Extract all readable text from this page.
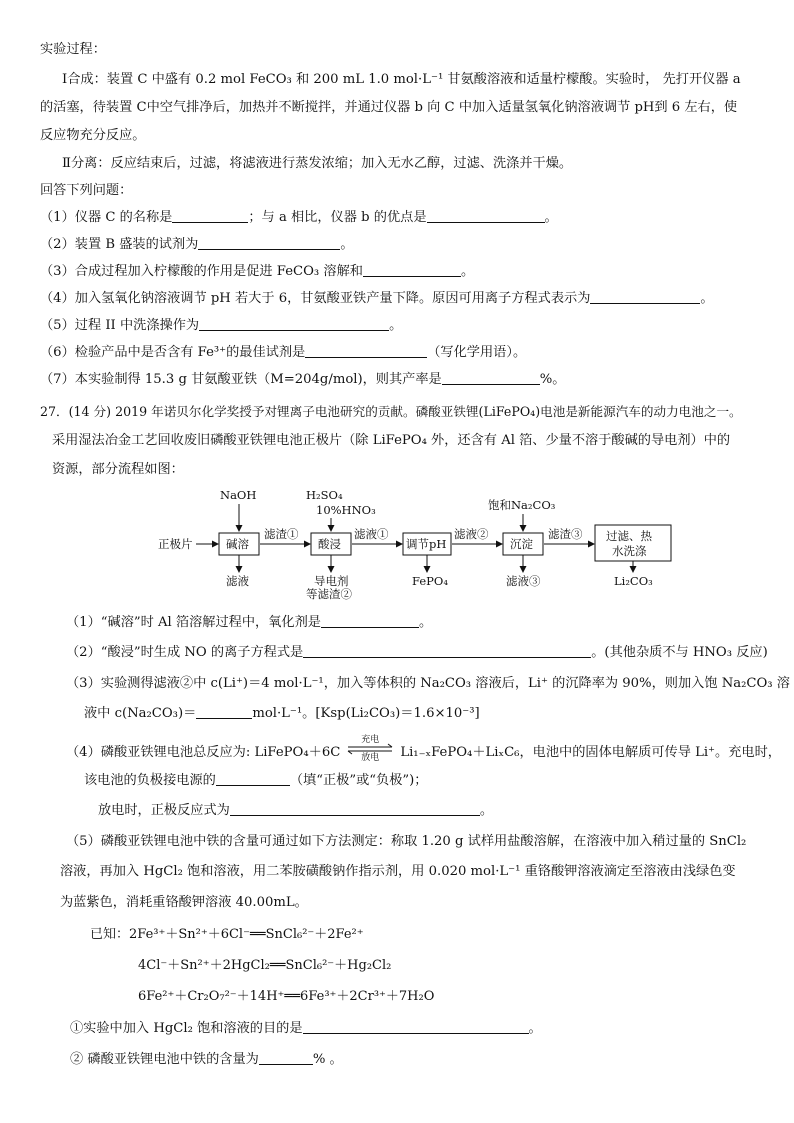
实验过程：
Ⅰ合成：装置 C 中盛有 0.2 mol FeCO₃ 和 200 mL 1.0 mol·L⁻¹ 甘氨酸溶液和适量柠檬酸。实验时， 先打开仪器 a
的活塞，待装置 C中空气排净后，加热并不断搅拌，并通过仪器 b 向 C 中加入适量氢氧化钠溶液调节 pH到 6 左右，使
反应物充分反应。
Ⅱ分离：反应结束后，过滤，将滤液进行蒸发浓缩；加入无水乙醇，过滤、洗涤并干燥。
回答下列问题：
（1）仪器 C 的名称是	；与 a 相比，仪器 b 的优点是	。
（2）装置 B 盛装的试剂为	。
（3）合成过程加入柠檬酸的作用是促进 FeCO₃ 溶解和	。
（4）加入氢氧化钠溶液调节 pH 若大于 6，甘氨酸亚铁产量下降。原因可用离子方程式表示为	。
（5）过程 II 中洗涤操作为	。
（6）检验产品中是否含有 Fe³⁺的最佳试剂是	（写化学用语）。
（7）本实验制得 15.3 g 甘氨酸亚铁（M=204g/mol)，则其产率是	%。
27．(14 分) 2019 年诺贝尔化学奖授予对锂离子电池研究的贡献。磷酸亚铁锂(LiFePO₄)电池是新能源汽车的动力电池之一。
采用湿法冶金工艺回收废旧磷酸亚铁锂电池正极片（除 LiFePO₄ 外，还含有 Al 箔、少量不溶于酸碱的导电剂）中的
资源，部分流程如图：
正极片	碱溶
NaOH
滤液
滤渣①
酸浸
H₂SO₄
10%HNO₃
导电剂
等滤渣②
滤液①
调节pH
FePO₄
滤液②
沉淀
饱和Na₂CO₃
滤液③
滤渣③ 过滤、热
水洗涤
Li₂CO₃
（1）“碱溶”时 Al 箔溶解过程中，氧化剂是	。
（2）“酸浸”时生成 NO 的离子方程式是	。(其他杂质不与 HNO₃ 反应)
（3）实验测得滤液②中 c(Li⁺)＝4 mol·L⁻¹，加入等体积的 Na₂CO₃ 溶液后，Li⁺ 的沉降率为 90%，则加入饱 Na₂CO₃ 溶
液中 c(Na₂CO₃)＝	mol·L⁻¹。[Ksp(Li₂CO₃)＝1.6×10⁻³]
（4）磷酸亚铁锂电池总反应为: LiFePO₄＋6C
充电
放电	Li₁₋ₓFePO₄＋LiₓC₆，电池中的固体电解质可传导 Li⁺。充电时，
该电池的负极接电源的	（填“正极”或“负极”)；
放电时，正极反应式为	。
（5）磷酸亚铁锂电池中铁的含量可通过如下方法测定：称取 1.20 g 试样用盐酸溶解，在溶液中加入稍过量的 SnCl₂
溶液，再加入 HgCl₂ 饱和溶液，用二苯胺磺酸钠作指示剂，用 0.020 mol·L⁻¹ 重铬酸钾溶液滴定至溶液由浅绿色变
为蓝紫色，消耗重铬酸钾溶液 40.00mL。
已知：2Fe³⁺＋Sn²⁺＋6Cl⁻══SnCl₆²⁻＋2Fe²⁺
4Cl⁻＋Sn²⁺＋2HgCl₂══SnCl₆²⁻＋Hg₂Cl₂
6Fe²⁺＋Cr₂O₇²⁻＋14H⁺══6Fe³⁺＋2Cr³⁺＋7H₂O
①实验中加入 HgCl₂ 饱和溶液的目的是	。
② 磷酸亚铁锂电池中铁的含量为	% 。
